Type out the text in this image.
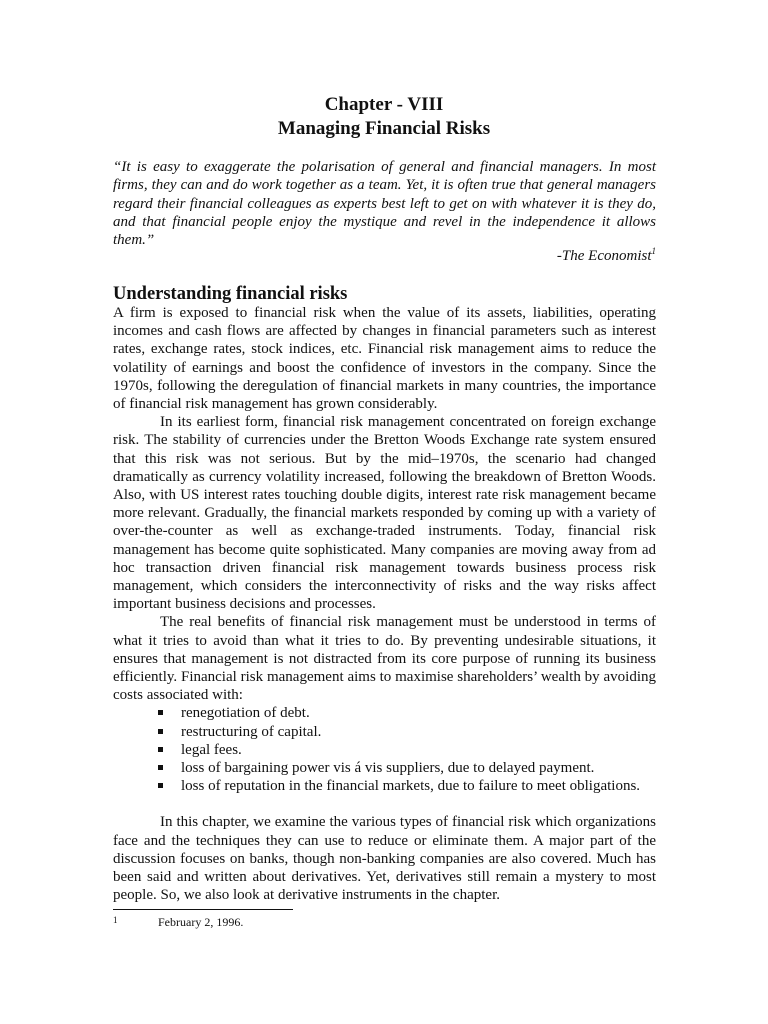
Chapter - VIII
Managing Financial Risks
“It is easy to exaggerate the polarisation of general and financial managers. In most firms, they can and do work together as a team. Yet, it is often true that general managers regard their financial colleagues as experts best left to get on with whatever it is they do, and that financial people enjoy the mystique and revel in the independence it allows them.”
-The Economist$^1$
Understanding financial risks

A firm is exposed to financial risk when the value of its assets, liabilities, operating incomes and cash flows are affected by changes in financial parameters such as interest rates, exchange rates, stock indices, etc. Financial risk management aims to reduce the volatility of earnings and boost the confidence of investors in the company. Since the 1970s, following the deregulation of financial markets in many countries, the importance of financial risk management has grown considerably.

In its earliest form, financial risk management concentrated on foreign exchange risk. The stability of currencies under the Bretton Woods Exchange rate system ensured that this risk was not serious. But by the mid–1970s, the scenario had changed dramatically as currency volatility increased, following the breakdown of Bretton Woods. Also, with US interest rates touching double digits, interest rate risk management became more relevant. Gradually, the financial markets responded by coming up with a variety of over-the-counter as well as exchange-traded instruments. Today, financial risk management has become quite sophisticated. Many companies are moving away from ad hoc transaction driven financial risk management towards business process risk management, which considers the interconnectivity of risks and the way risks affect important business decisions and processes.

The real benefits of financial risk management must be understood in terms of what it tries to avoid than what it tries to do. By preventing undesirable situations, it ensures that management is not distracted from its core purpose of running its business efficiently. Financial risk management aims to maximise shareholders’ wealth by avoiding costs associated with:

renegotiation of debt.
restructuring of capital.
legal fees.
loss of bargaining power vis á vis suppliers, due to delayed payment.
loss of reputation in the financial markets, due to failure to meet obligations.

In this chapter, we examine the various types of financial risk which organizations face and the techniques they can use to reduce or eliminate them. A major part of the discussion focuses on banks, though non-banking companies are also covered. Much has been said and written about derivatives. Yet, derivatives still remain a mystery to most people. So, we also look at derivative instruments in the chapter.

1	February 2, 1996.
